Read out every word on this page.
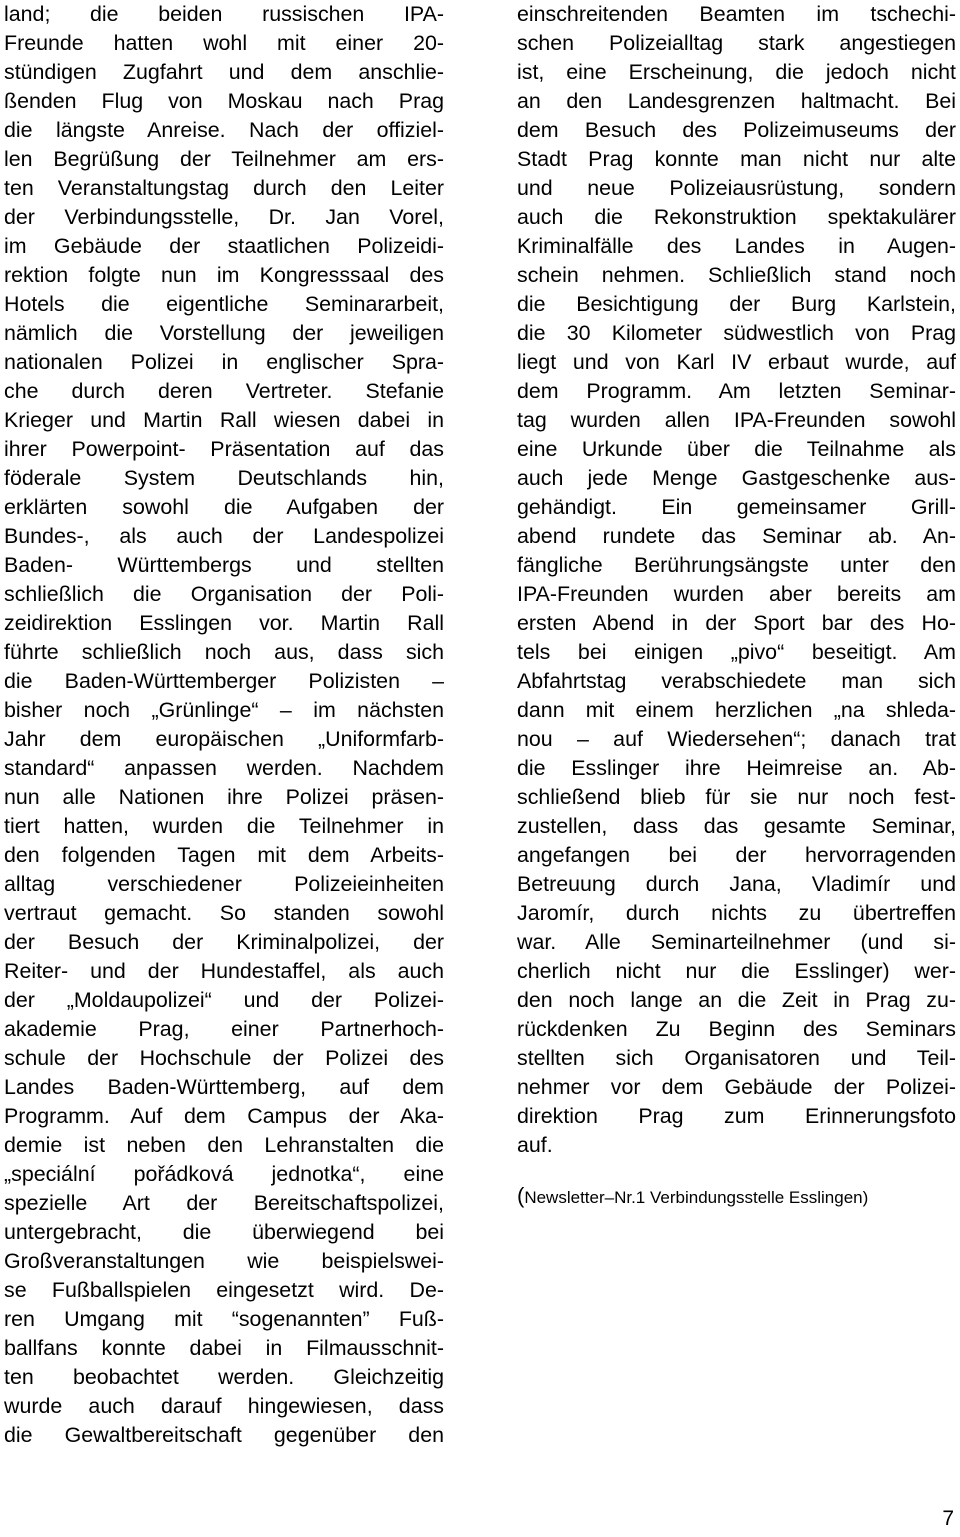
land; die beiden russischen IPA-
Freunde hatten wohl mit einer 20-
stündigen Zugfahrt und dem anschlie-
ßenden Flug von Moskau nach Prag
die längste Anreise. Nach der offiziel-
len Begrüßung der Teilnehmer am ers-
ten Veranstaltungstag durch den Leiter
der Verbindungsstelle, Dr. Jan Vorel,
im Gebäude der staatlichen Polizeidi-
rektion folgte nun im Kongresssaal des
Hotels die eigentliche Seminararbeit,
nämlich die Vorstellung der jeweiligen
nationalen Polizei in englischer Spra-
che durch deren Vertreter. Stefanie
Krieger und Martin Rall wiesen dabei in
ihrer Powerpoint- Präsentation auf das
föderale System Deutschlands hin,
erklärten sowohl die Aufgaben der
Bundes-, als auch der Landespolizei
Baden- Württembergs und stellten
schließlich die Organisation der Poli-
zeidirektion Esslingen vor. Martin Rall
führte schließlich noch aus, dass sich
die Baden-Württemberger Polizisten –
bisher noch „Grünlinge“ – im nächsten
Jahr dem europäischen „Uniformfarb-
standard“ anpassen werden. Nachdem
nun alle Nationen ihre Polizei präsen-
tiert hatten, wurden die Teilnehmer in
den folgenden Tagen mit dem Arbeits-
alltag verschiedener Polizeieinheiten
vertraut gemacht. So standen sowohl
der Besuch der Kriminalpolizei, der
Reiter- und der Hundestaffel, als auch
der „Moldaupolizei“ und der Polizei-
akademie Prag, einer Partnerhoch-
schule der Hochschule der Polizei des
Landes Baden-Württemberg, auf dem
Programm. Auf dem Campus der Aka-
demie ist neben den Lehranstalten die
„speciální pořádková jednotka“, eine
spezielle Art der Bereitschaftspolizei,
untergebracht, die überwiegend bei
Großveranstaltungen wie beispielswei-
se Fußballspielen eingesetzt wird. De-
ren Umgang mit “sogenannten” Fuß-
ballfans konnte dabei in Filmausschnit-
ten beobachtet werden. Gleichzeitig
wurde auch darauf hingewiesen, dass
die Gewaltbereitschaft gegenüber den
einschreitenden Beamten im tschechi-
schen Polizeialltag stark angestiegen
ist, eine Erscheinung, die jedoch nicht
an den Landesgrenzen haltmacht. Bei
dem Besuch des Polizeimuseums der
Stadt Prag konnte man nicht nur alte
und neue Polizeiausrüstung, sondern
auch die Rekonstruktion spektakulärer
Kriminalfälle des Landes in Augen-
schein nehmen. Schließlich stand noch
die Besichtigung der Burg Karlstein,
die 30 Kilometer südwestlich von Prag
liegt und von Karl IV erbaut wurde, auf
dem Programm. Am letzten Seminar-
tag wurden allen IPA-Freunden sowohl
eine Urkunde über die Teilnahme als
auch jede Menge Gastgeschenke aus-
gehändigt. Ein gemeinsamer Grill-
abend rundete das Seminar ab. An-
fängliche Berührungsängste unter den
IPA-Freunden wurden aber bereits am
ersten Abend in der Sport bar des Ho-
tels bei einigen „pivo“ beseitigt. Am
Abfahrtstag verabschiedete man sich
dann mit einem herzlichen „na shleda-
nou – auf Wiedersehen“; danach trat
die Esslinger ihre Heimreise an. Ab-
schließend blieb für sie nur noch fest-
zustellen, dass das gesamte Seminar,
angefangen bei der hervorragenden
Betreuung durch Jana, Vladimír und
Jaromír, durch nichts zu übertreffen
war. Alle Seminarteilnehmer (und si-
cherlich nicht nur die Esslinger) wer-
den noch lange an die Zeit in Prag zu-
rückdenken Zu Beginn des Seminars
stellten sich Organisatoren und Teil-
nehmer vor dem Gebäude der Polizei-
direktion Prag zum Erinnerungsfoto
auf.
(Newsletter–Nr.1 Verbindungsstelle Esslingen)
7
